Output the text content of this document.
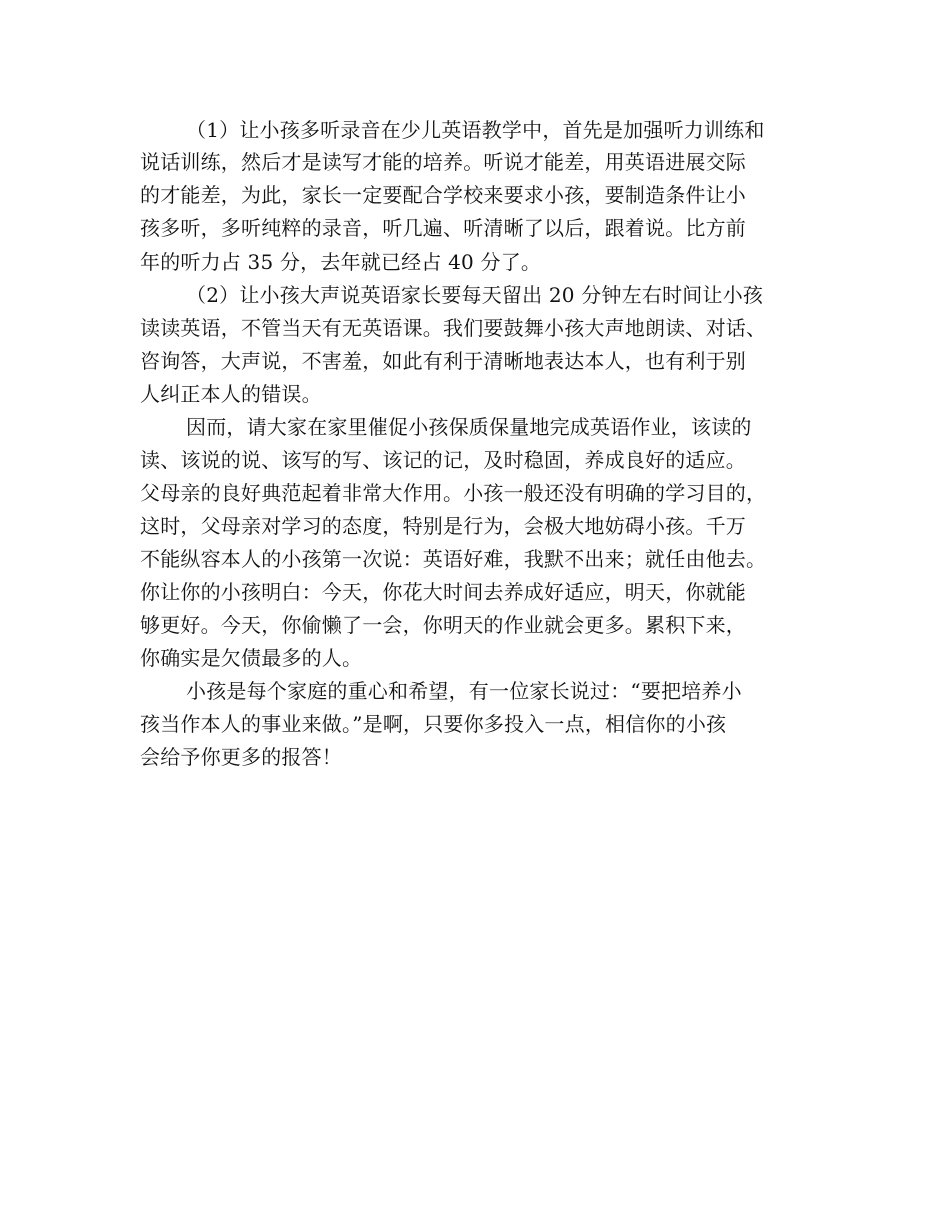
（1）让小孩多听录音在少儿英语教学中，首先是加强听力训练和
说话训练，然后才是读写才能的培养。听说才能差，用英语进展交际
的才能差，为此，家长一定要配合学校来要求小孩，要制造条件让小
孩多听，多听纯粹的录音，听几遍、听清晰了以后，跟着说。比方前
年的听力占 35 分，去年就已经占 40 分了。
（2）让小孩大声说英语家长要每天留出 20 分钟左右时间让小孩
读读英语，不管当天有无英语课。我们要鼓舞小孩大声地朗读、对话、
咨询答，大声说，不害羞，如此有利于清晰地表达本人，也有利于别
人纠正本人的错误。
因而，请大家在家里催促小孩保质保量地完成英语作业，该读的
读、该说的说、该写的写、该记的记，及时稳固，养成良好的适应。
父母亲的良好典范起着非常大作用。小孩一般还没有明确的学习目的，
这时，父母亲对学习的态度，特别是行为，会极大地妨碍小孩。千万
不能纵容本人的小孩第一次说：英语好难，我默不出来；就任由他去。
你让你的小孩明白：今天，你花大时间去养成好适应，明天，你就能
够更好。今天，你偷懒了一会，你明天的作业就会更多。累积下来，
你确实是欠债最多的人。
小孩是每个家庭的重心和希望，有一位家长说过：“要把培养小
孩当作本人的事业来做。”是啊，只要你多投入一点，相信你的小孩
会给予你更多的报答！
